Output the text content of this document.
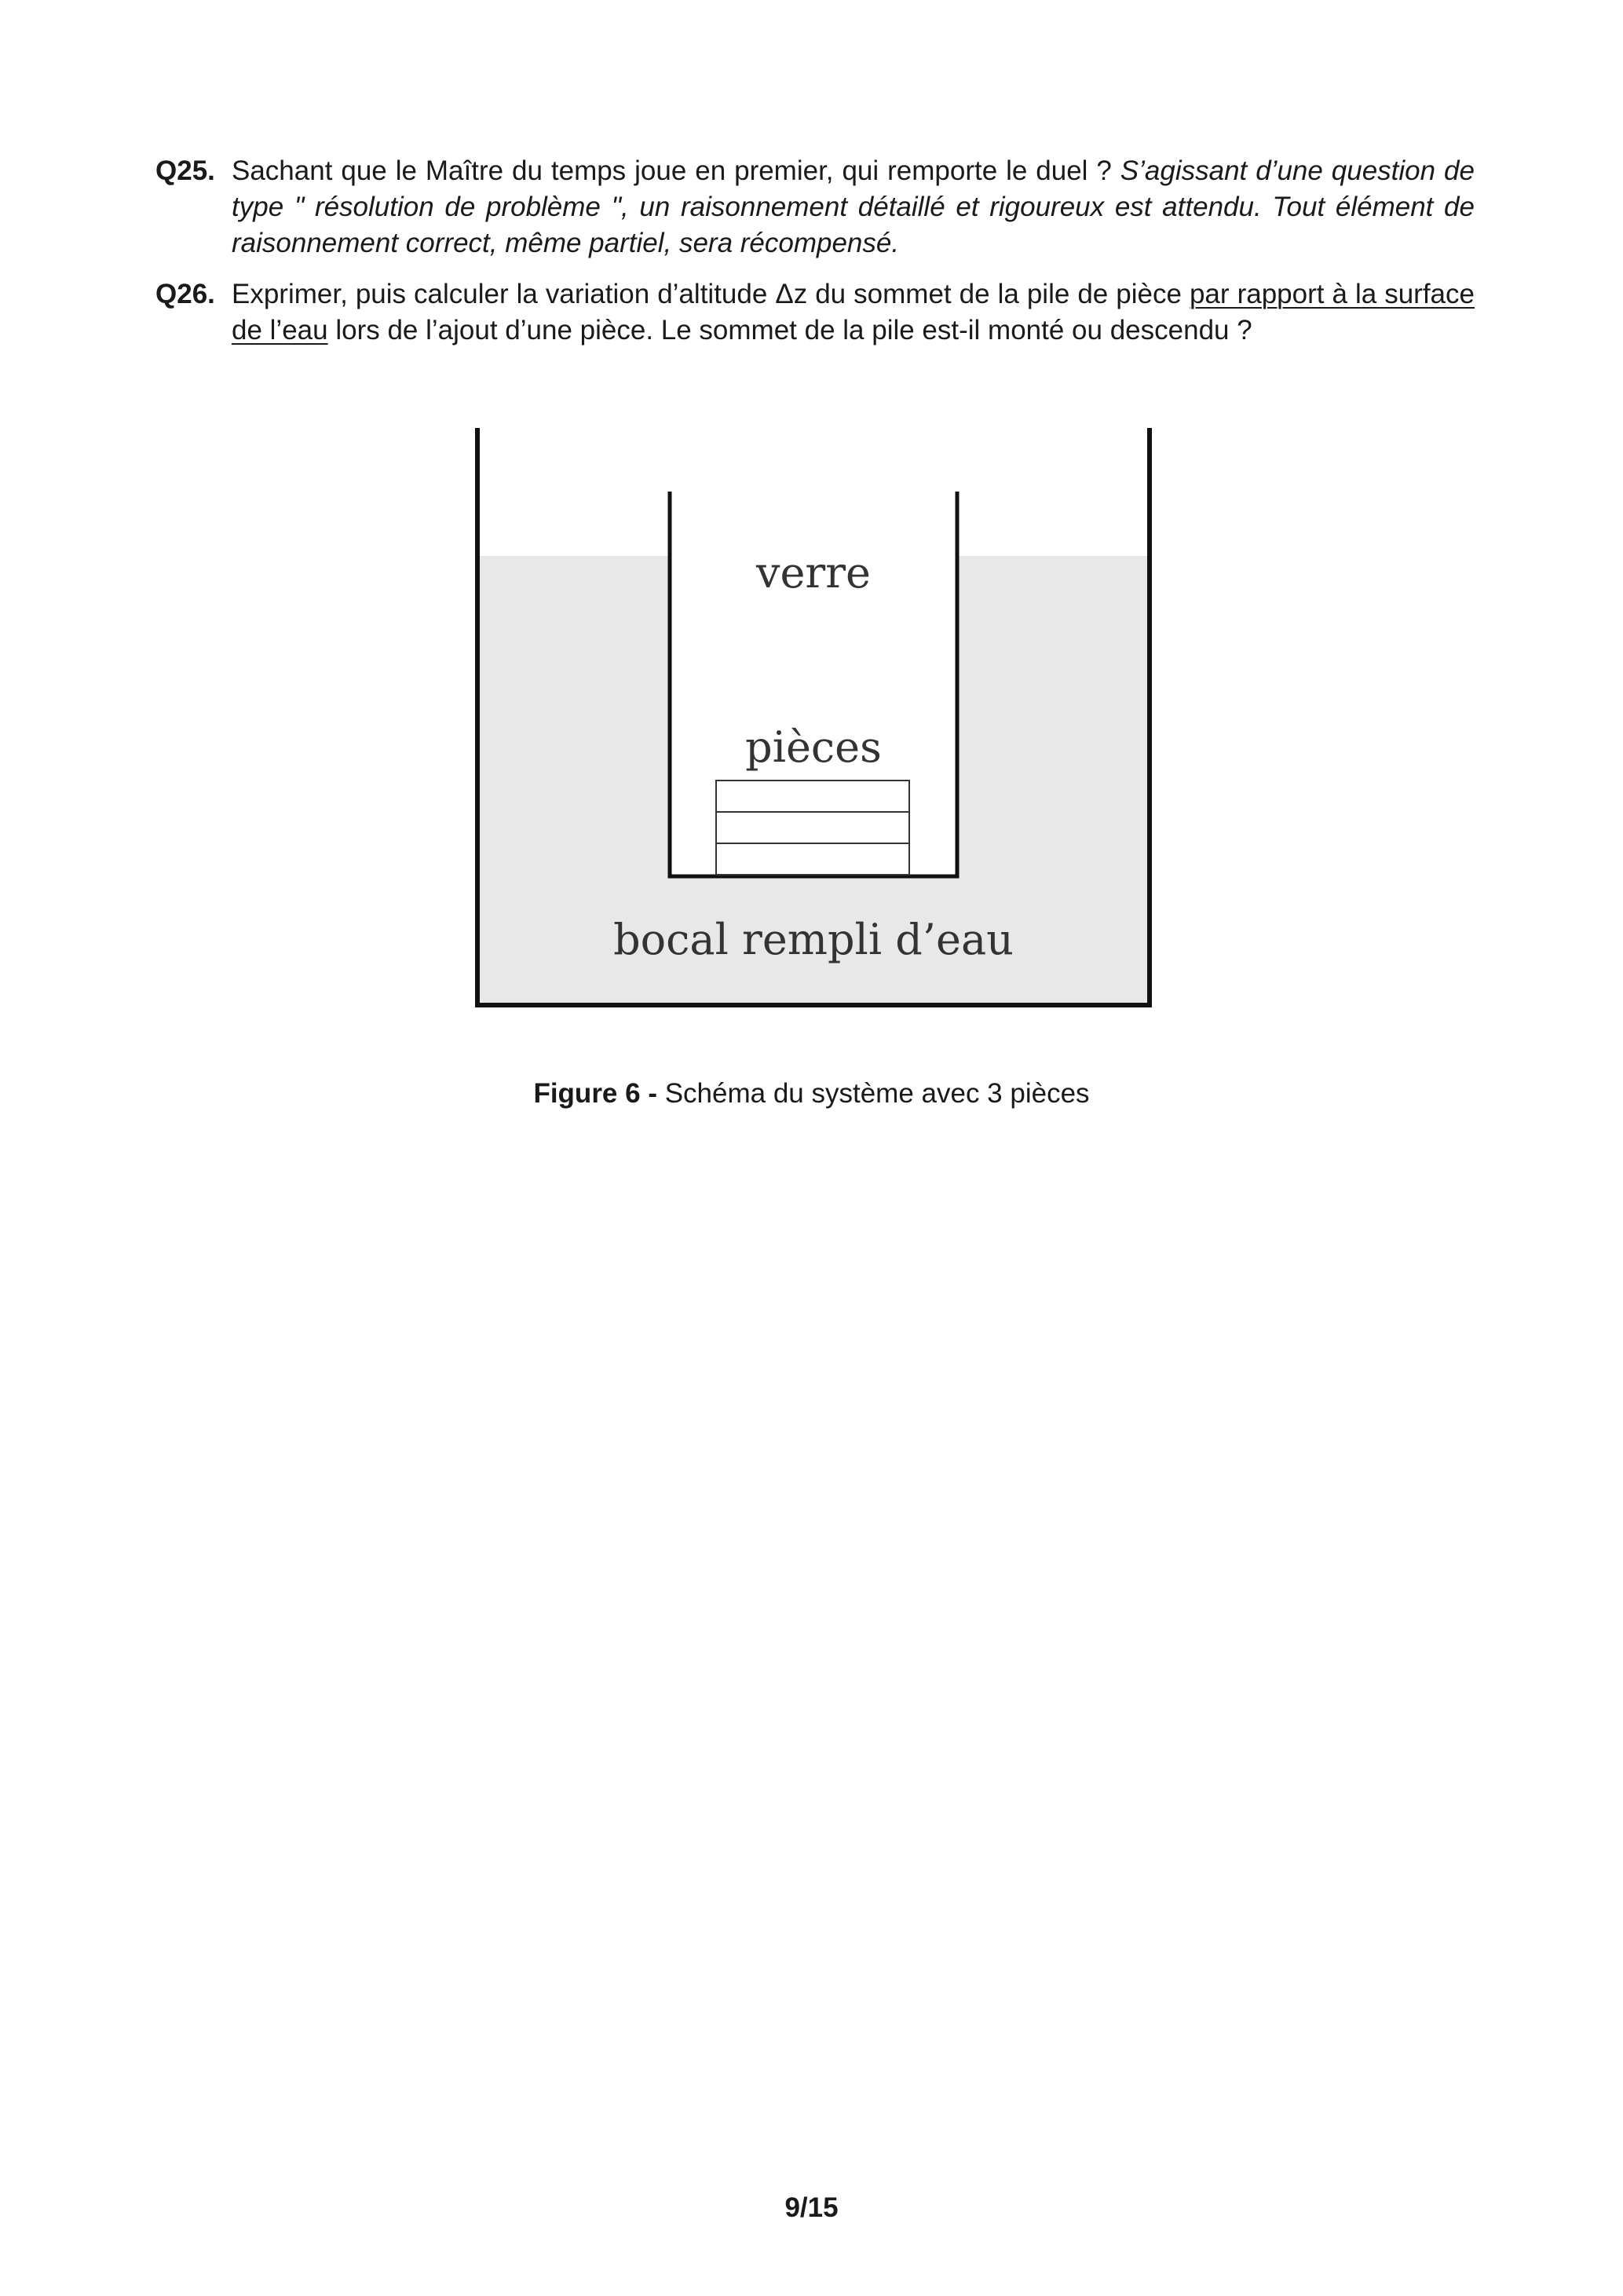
Q25. Sachant que le Maître du temps joue en premier, qui remporte le duel ? S’agissant d’une question de type " résolution de problème ", un raisonnement détaillé et rigoureux est attendu. Tout élément de raisonnement correct, même partiel, sera récompensé.
Q26. Exprimer, puis calculer la variation d’altitude Δz du sommet de la pile de pièce par rapport à la surface de l’eau lors de l’ajout d’une pièce. Le sommet de la pile est-il monté ou descendu ?
verre
pièces
bocal rempli d’eau
Figure 6 - Schéma du système avec 3 pièces
9/15
